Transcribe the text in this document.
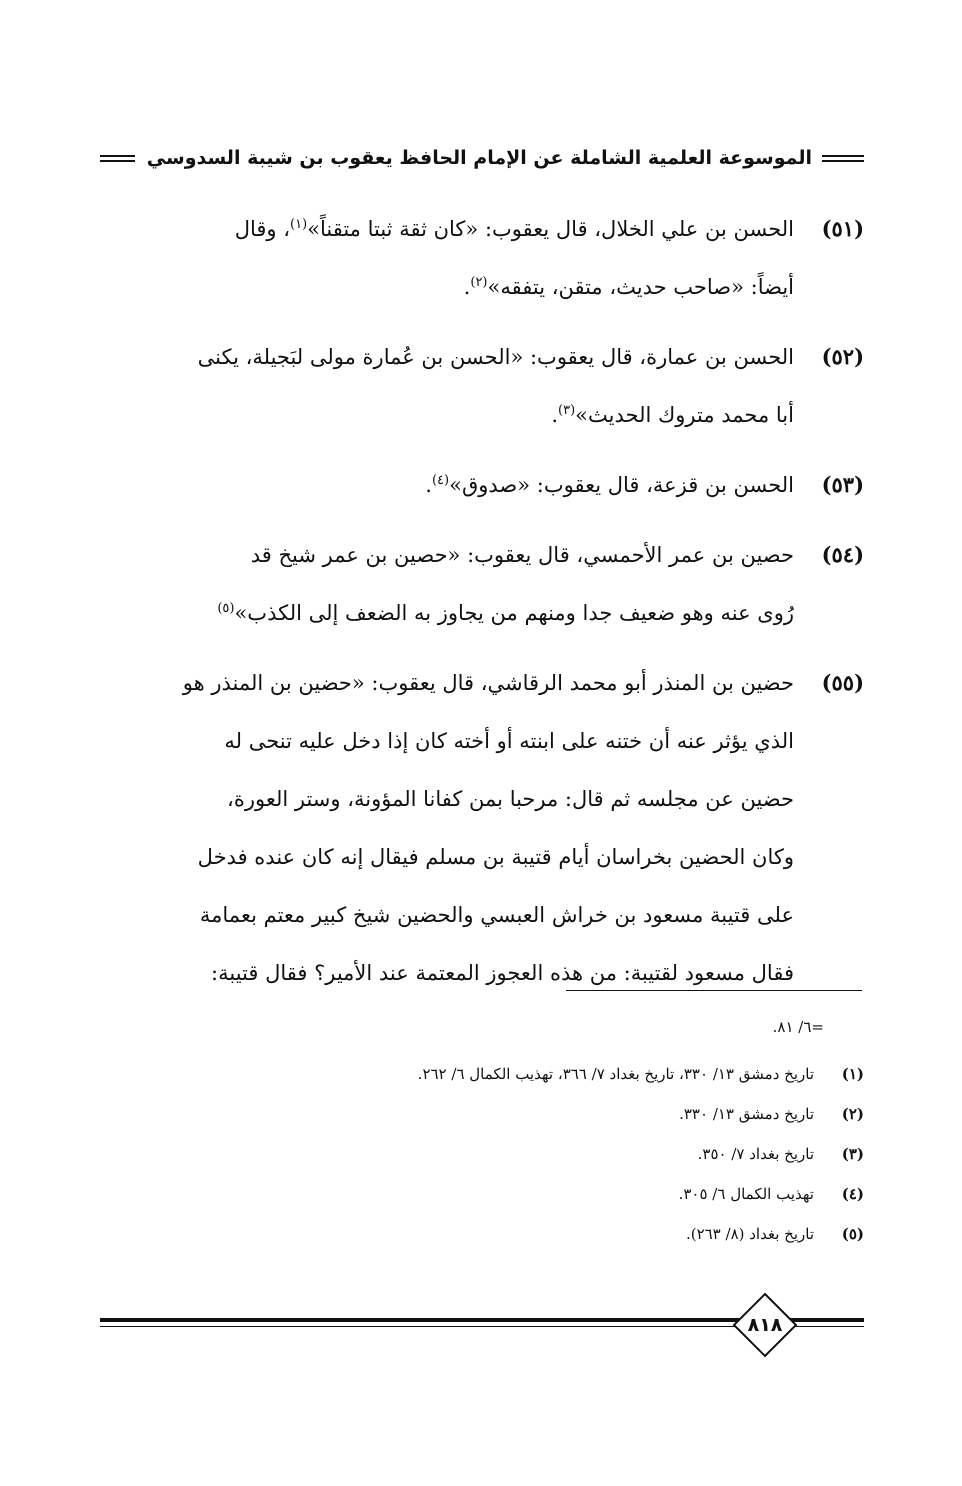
الموسوعة العلمية الشاملة عن الإمام الحافظ يعقوب بن شيبة السدوسي
(٥١)
الحسن بن علي الخلال، قال يعقوب: «كان ثقة ثبتا متقناً»$^{(١)}$، وقال
أيضاً: «صاحب حديث، متقن، يتفقه»$^{(٢)}$.
(٥٢)
الحسن بن عمارة، قال يعقوب: «الحسن بن عُمارة مولى لبَجيلة، يكنى
أبا محمد متروك الحديث»$^{(٣)}$.
(٥٣)
الحسن بن قزعة، قال يعقوب: «صدوق»$^{(٤)}$.
(٥٤)
حصين بن عمر الأحمسي، قال يعقوب: «حصين بن عمر شيخ قد
رُوى عنه وهو ضعيف جدا ومنهم من يجاوز به الضعف إلى الكذب»$^{(٥)}$
(٥٥)
حضين بن المنذر أبو محمد الرقاشي، قال يعقوب: «حضين بن المنذر هو
الذي يؤثر عنه أن ختنه على ابنته أو أخته كان إذا دخل عليه تنحى له
حضين عن مجلسه ثم قال: مرحبا بمن كفانا المؤونة، وستر العورة،
وكان الحضين بخراسان أيام قتيبة بن مسلم فيقال إنه كان عنده فدخل
على قتيبة مسعود بن خراش العبسي والحضين شيخ كبير معتم بعمامة
فقال مسعود لقتيبة: من هذه العجوز المعتمة عند الأمير؟ فقال قتيبة:
=٦/ ٨١.
(١)
تاريخ دمشق ١٣/ ٣٣٠، تاريخ بغداد ٧/ ٣٦٦، تهذيب الكمال ٦/ ٢٦٢.
(٢)
تاريخ دمشق ١٣/ ٣٣٠.
(٣)
تاريخ بغداد ٧/ ٣٥٠.
(٤)
تهذيب الكمال ٦/ ٣٠٥.
(٥)
تاريخ بغداد (٨/ ٢٦٣).
٨١٨
